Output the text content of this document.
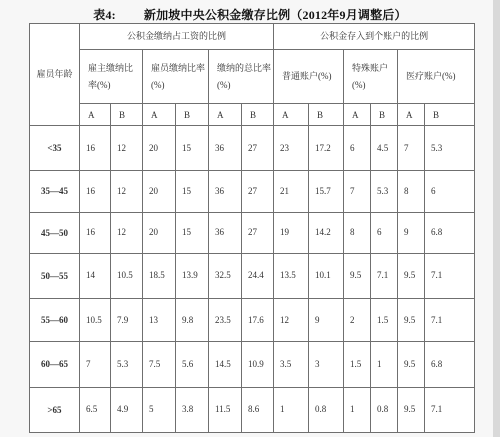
表4: 新加坡中央公积金缴存比例（2012年9月调整后）
雇员年龄	公积金缴纳占工资的比例						公积金存入到个账户的比例					
	雇主缴纳比率(%)		雇员缴纳比率(%)		缴纳的总比率(%)		普通账户(%)		特殊账户(%)		医疗账户(%)	
	A	B	A	B	A	B	A	B	A	B	A	B
<35	16	12	20	15	36	27	23	17.2	6	4.5	7	5.3
35—45	16	12	20	15	36	27	21	15.7	7	5.3	8	6
45—50	16	12	20	15	36	27	19	14.2	8	6	9	6.8
50—55	14	10.5	18.5	13.9	32.5	24.4	13.5	10.1	9.5	7.1	9.5	7.1
55—60	10.5	7.9	13	9.8	23.5	17.6	12	9	2	1.5	9.5	7.1
60—65	7	5.3	7.5	5.6	14.5	10.9	3.5	3	1.5	1	9.5	6.8
>65	6.5	4.9	5	3.8	11.5	8.6	1	0.8	1	0.8	9.5	7.1
